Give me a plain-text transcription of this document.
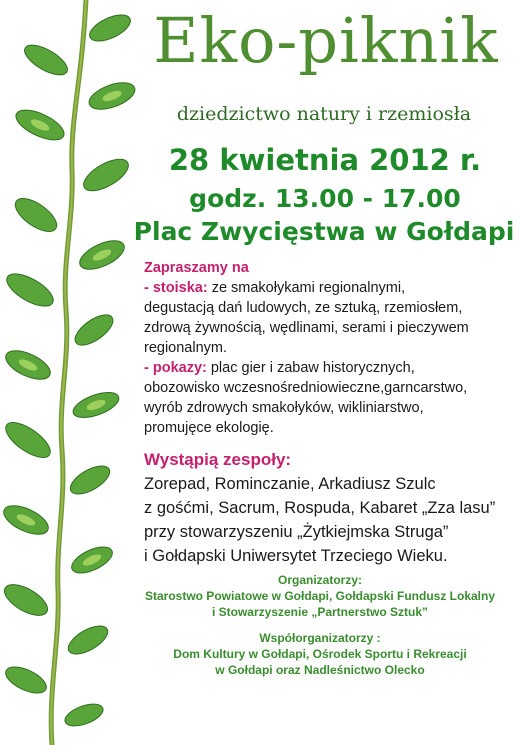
Eko-piknik
dziedzictwo natury i rzemiosła
28 kwietnia 2012 r.
godz. 13.00 - 17.00
Plac Zwycięstwa w Gołdapi
Zapraszamy na
- stoiska: ze smakołykami regionalnymi,
degustacją dań ludowych, ze sztuką, rzemiosłem,
zdrową żywnością, wędlinami, serami i pieczywem
regionalnym.
- pokazy: plac gier i zabaw historycznych,
obozowisko wczesnośredniowieczne,garncarstwo,
wyrób zdrowych smakołyków, wikliniarstwo,
promujęce ekologię.
Wystąpią zespoły:
Zorepad, Rominczanie, Arkadiusz Szulc
z gośćmi, Sacrum, Rospuda, Kabaret „Zza lasu”
przy stowarzyszeniu „Żytkiejmska Struga”
i Gołdapski Uniwersytet Trzeciego Wieku.
Organizatorzy:
Starostwo Powiatowe w Gołdapi, Gołdapski Fundusz Lokalny
i Stowarzyszenie „Partnerstwo Sztuk”
Współorganizatorzy :
Dom Kultury w Gołdapi, Ośrodek Sportu i Rekreacji
w Gołdapi oraz Nadleśnictwo Olecko
